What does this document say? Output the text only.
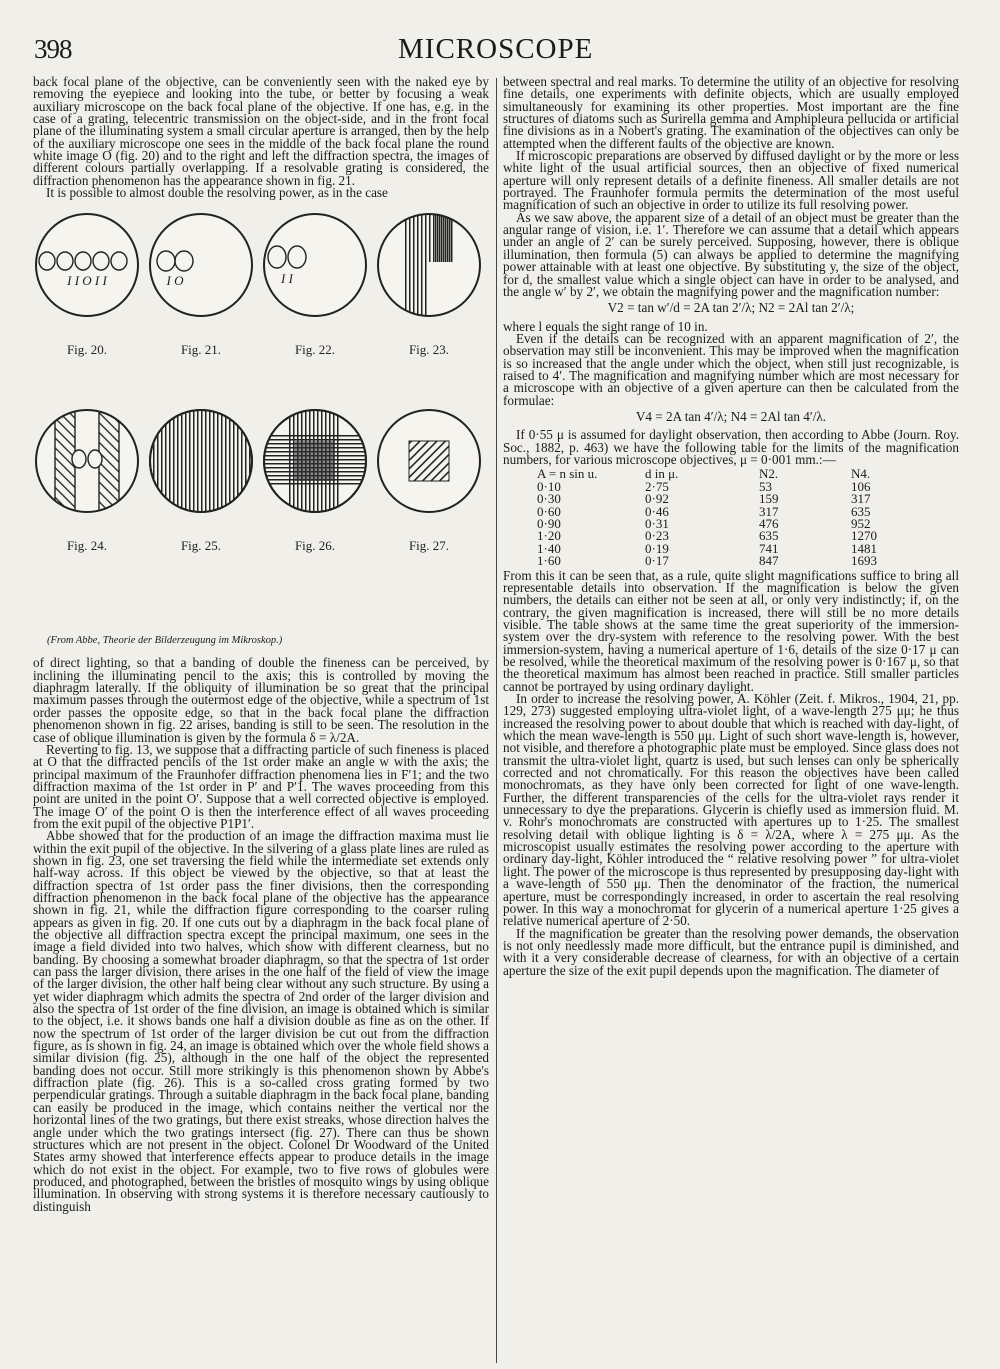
398	MICROSCOPE

back focal plane of the objective, can be conveniently seen with the naked eye by removing the eyepiece and looking into the tube, or better by focusing a weak auxiliary microscope on the back focal plane of the objective. If one has, e.g. in the case of a grating, telecentric transmission on the object-side, and in the front focal plane of the illuminating system a small circular aperture is arranged, then by the help of the auxiliary microscope one sees in the middle of the back focal plane the round white image O (fig. 20) and to the right and left the diffraction spectra, the images of different colours partially overlapping. If a resolvable grating is considered, the diffraction phenomenon has the appearance shown in fig. 21.

It is possible to almost double the resolving power, as in the case

I I O I I
Fig. 20.
I O
Fig. 21.
I I
Fig. 22.	Fig. 23.
Fig. 24.	Fig. 25.	Fig. 26.	Fig. 27.
(From Abbe, Theorie der Bilderzeugung im Mikroskop.)

of direct lighting, so that a banding of double the fineness can be perceived, by inclining the illuminating pencil to the axis; this is controlled by moving the diaphragm laterally. If the obliquity of illumination be so great that the principal maximum passes through the outermost edge of the objective, while a spectrum of 1st order passes the opposite edge, so that in the back focal plane the diffraction phenomenon shown in fig. 22 arises, banding is still to be seen. The resolution in the case of oblique illumination is given by the formula δ = λ/2A.

Reverting to fig. 13, we suppose that a diffracting particle of such fineness is placed at O that the diffracted pencils of the 1st order make an angle w with the axis; the principal maximum of the Fraunhofer diffraction phenomena lies in F′1; and the two diffraction maxima of the 1st order in P′ and P′1. The waves proceeding from this point are united in the point O′. Suppose that a well corrected objective is employed. The image O′ of the point O is then the interference effect of all waves proceeding from the exit pupil of the objective P1P1′.

Abbe showed that for the production of an image the diffraction maxima must lie within the exit pupil of the objective. In the silvering of a glass plate lines are ruled as shown in fig. 23, one set traversing the field while the intermediate set extends only half-way across. If this object be viewed by the objective, so that at least the diffraction spectra of 1st order pass the finer divisions, then the corresponding diffraction phenomenon in the back focal plane of the objective has the appearance shown in fig. 21, while the diffraction figure corresponding to the coarser ruling appears as given in fig. 20. If one cuts out by a diaphragm in the back focal plane of the objective all diffraction spectra except the principal maximum, one sees in the image a field divided into two halves, which show with different clearness, but no banding. By choosing a somewhat broader diaphragm, so that the spectra of 1st order can pass the larger division, there arises in the one half of the field of view the image of the larger division, the other half being clear without any such structure. By using a yet wider diaphragm which admits the spectra of 2nd order of the larger division and also the spectra of 1st order of the fine division, an image is obtained which is similar to the object, i.e. it shows bands one half a division double as fine as on the other. If now the spectrum of 1st order of the larger division be cut out from the diffraction figure, as is shown in fig. 24, an image is obtained which over the whole field shows a similar division (fig. 25), although in the one half of the object the represented banding does not occur. Still more strikingly is this phenomenon shown by Abbe's diffraction plate (fig. 26). This is a so-called cross grating formed by two perpendicular gratings. Through a suitable diaphragm in the back focal plane, banding can easily be produced in the image, which contains neither the vertical nor the horizontal lines of the two gratings, but there exist streaks, whose direction halves the angle under which the two gratings intersect (fig. 27). There can thus be shown structures which are not present in the object. Colonel Dr Woodward of the United States army showed that interference effects appear to produce details in the image which do not exist in the object. For example, two to five rows of globules were produced, and photographed, between the bristles of mosquito wings by using oblique illumination. In observing with strong systems it is therefore necessary cautiously to distinguish

between spectral and real marks. To determine the utility of an objective for resolving fine details, one experiments with definite objects, which are usually employed simultaneously for examining its other properties. Most important are the fine structures of diatoms such as Surirella gemma and Amphipleura pellucida or artificial fine divisions as in a Nobert's grating. The examination of the objectives can only be attempted when the different faults of the objective are known.

If microscopic preparations are observed by diffused daylight or by the more or less white light of the usual artificial sources, then an objective of fixed numerical aperture will only represent details of a definite fineness. All smaller details are not portrayed. The Fraunhofer formula permits the determination of the most useful magnification of such an objective in order to utilize its full resolving power.

As we saw above, the apparent size of a detail of an object must be greater than the angular range of vision, i.e. 1′. Therefore we can assume that a detail which appears under an angle of 2′ can be surely perceived. Supposing, however, there is oblique illumination, then formula (5) can always be applied to determine the magnifying power attainable with at least one objective. By substituting y, the size of the object, for d, the smallest value which a single object can have in order to be analysed, and the angle w′ by 2′, we obtain the magnifying power and the magnification number:

V2 = tan w′/d = 2A tan 2′/λ; N2 = 2Al tan 2′/λ;

where l equals the sight range of 10 in.

Even if the details can be recognized with an apparent magnification of 2′, the observation may still be inconvenient. This may be improved when the magnification is so increased that the angle under which the object, when still just recognizable, is raised to 4′. The magnification and magnifying number which are most necessary for a microscope with an objective of a given aperture can then be calculated from the formulae:

V4 = 2A tan 4′/λ; N4 = 2Al tan 4′/λ.

If 0·55 μ is assumed for daylight observation, then according to Abbe (Journ. Roy. Soc., 1882, p. 463) we have the following table for the limits of the magnification numbers, for various microscope objectives, μ = 0·001 mm.:—

A = n sin u.	d in μ.	N2.	N4.
0·10	2·75	53	106
0·30	0·92	159	317
0·60	0·46	317	635
0·90	0·31	476	952
1·20	0·23	635	1270
1·40	0·19	741	1481
1·60	0·17	847	1693

From this it can be seen that, as a rule, quite slight magnifications suffice to bring all representable details into observation. If the magnification is below the given numbers, the details can either not be seen at all, or only very indistinctly; if, on the contrary, the given magnification is increased, there will still be no more details visible. The table shows at the same time the great superiority of the immersion-system over the dry-system with reference to the resolving power. With the best immersion-system, having a numerical aperture of 1·6, details of the size 0·17 μ can be resolved, while the theoretical maximum of the resolving power is 0·167 μ, so that the theoretical maximum has almost been reached in practice. Still smaller particles cannot be portrayed by using ordinary daylight.

In order to increase the resolving power, A. Köhler (Zeit. f. Mikros., 1904, 21, pp. 129, 273) suggested employing ultra-violet light, of a wave-length 275 μμ; he thus increased the resolving power to about double that which is reached with day-light, of which the mean wave-length is 550 μμ. Light of such short wave-length is, however, not visible, and therefore a photographic plate must be employed. Since glass does not transmit the ultra-violet light, quartz is used, but such lenses can only be spherically corrected and not chromatically. For this reason the objectives have been called monochromats, as they have only been corrected for light of one wave-length. Further, the different transparencies of the cells for the ultra-violet rays render it unnecessary to dye the preparations. Glycerin is chiefly used as immersion fluid. M. v. Rohr's monochromats are constructed with apertures up to 1·25. The smallest resolving detail with oblique lighting is δ = λ/2A, where λ = 275 μμ. As the microscopist usually estimates the resolving power according to the aperture with ordinary day-light, Köhler introduced the “ relative resolving power ” for ultra-violet light. The power of the microscope is thus represented by presupposing day-light with a wave-length of 550 μμ. Then the denominator of the fraction, the numerical aperture, must be correspondingly increased, in order to ascertain the real resolving power. In this way a monochromat for glycerin of a numerical aperture 1·25 gives a relative numerical aperture of 2·50.

If the magnification be greater than the resolving power demands, the observation is not only needlessly made more difficult, but the entrance pupil is diminished, and with it a very considerable decrease of clearness, for with an objective of a certain aperture the size of the exit pupil depends upon the magnification. The diameter of
